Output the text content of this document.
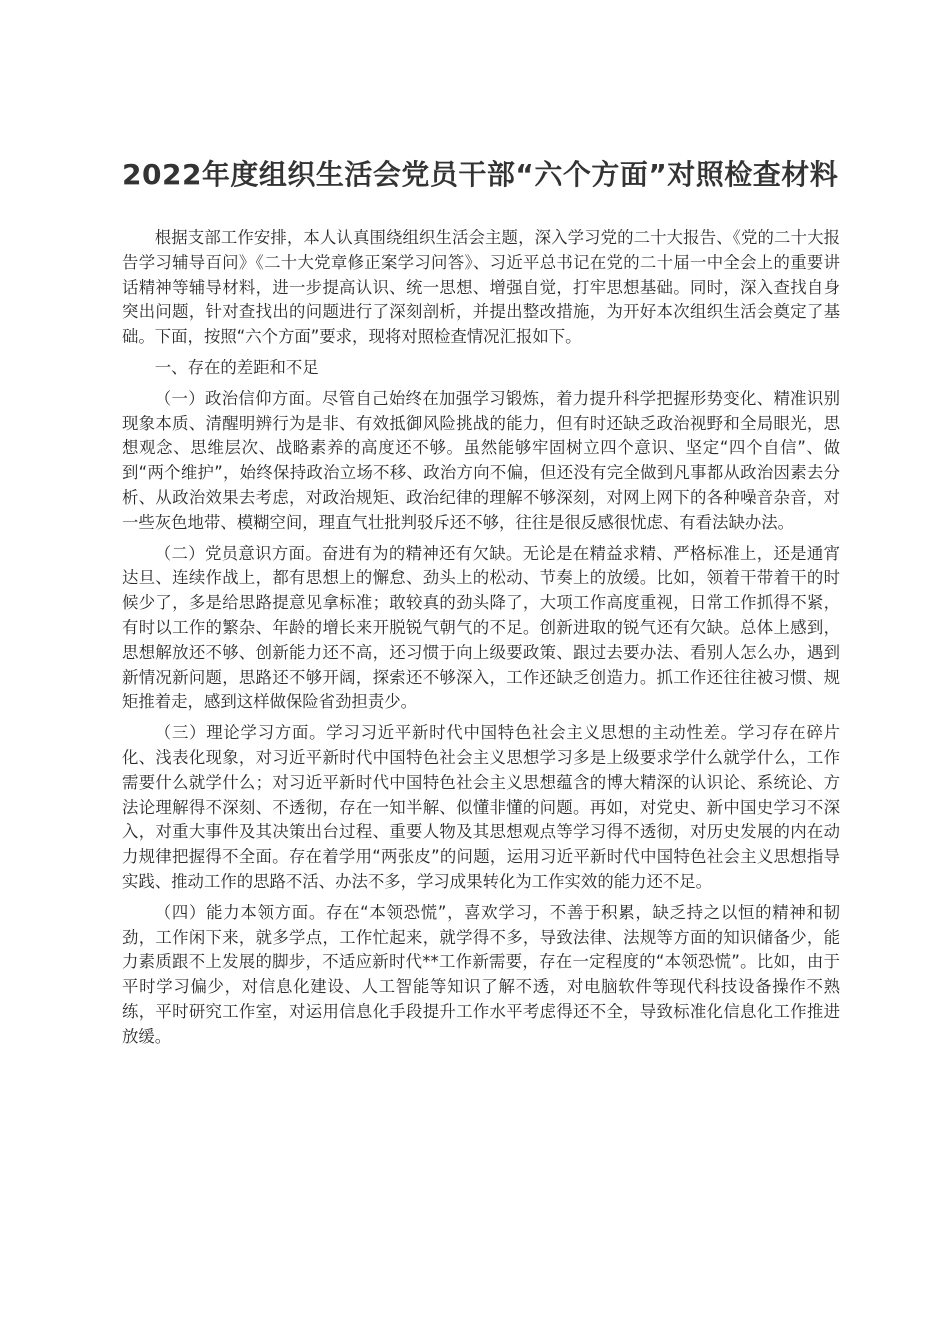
2022年度组织生活会党员干部“六个方面”对照检查材料

根据支部工作安排，本人认真围绕组织生活会主题，深入学习党的二十大报告、《党的二十大报告学习辅导百问》《二十大党章修正案学习问答》、习近平总书记在党的二十届一中全会上的重要讲话精神等辅导材料，进一步提高认识、统一思想、增强自觉，打牢思想基础。同时，深入查找自身突出问题，针对查找出的问题进行了深刻剖析，并提出整改措施，为开好本次组织生活会奠定了基础。下面，按照“六个方面”要求，现将对照检查情况汇报如下。

一、存在的差距和不足

（一）政治信仰方面。尽管自己始终在加强学习锻炼，着力提升科学把握形势变化、精准识别现象本质、清醒明辨行为是非、有效抵御风险挑战的能力，但有时还缺乏政治视野和全局眼光，思想观念、思维层次、战略素养的高度还不够。虽然能够牢固树立四个意识、坚定“四个自信”、做到“两个维护”，始终保持政治立场不移、政治方向不偏，但还没有完全做到凡事都从政治因素去分析、从政治效果去考虑，对政治规矩、政治纪律的理解不够深刻，对网上网下的各种噪音杂音，对一些灰色地带、模糊空间，理直气壮批判驳斥还不够，往往是很反感很忧虑、有看法缺办法。

（二）党员意识方面。奋进有为的精神还有欠缺。无论是在精益求精、严格标准上，还是通宵达旦、连续作战上，都有思想上的懈怠、劲头上的松动、节奏上的放缓。比如，领着干带着干的时候少了，多是给思路提意见拿标准；敢较真的劲头降了，大项工作高度重视，日常工作抓得不紧，有时以工作的繁杂、年龄的增长来开脱锐气朝气的不足。创新进取的锐气还有欠缺。总体上感到，思想解放还不够、创新能力还不高，还习惯于向上级要政策、跟过去要办法、看别人怎么办，遇到新情况新问题，思路还不够开阔，探索还不够深入，工作还缺乏创造力。抓工作还往往被习惯、规矩推着走，感到这样做保险省劲担责少。

（三）理论学习方面。学习习近平新时代中国特色社会主义思想的主动性差。学习存在碎片化、浅表化现象，对习近平新时代中国特色社会主义思想学习多是上级要求学什么就学什么，工作需要什么就学什么；对习近平新时代中国特色社会主义思想蕴含的博大精深的认识论、系统论、方法论理解得不深刻、不透彻，存在一知半解、似懂非懂的问题。再如，对党史、新中国史学习不深入，对重大事件及其决策出台过程、重要人物及其思想观点等学习得不透彻，对历史发展的内在动力规律把握得不全面。存在着学用“两张皮”的问题，运用习近平新时代中国特色社会主义思想指导实践、推动工作的思路不活、办法不多，学习成果转化为工作实效的能力还不足。

（四）能力本领方面。存在“本领恐慌”，喜欢学习，不善于积累，缺乏持之以恒的精神和韧劲，工作闲下来，就多学点，工作忙起来，就学得不多，导致法律、法规等方面的知识储备少，能力素质跟不上发展的脚步，不适应新时代**工作新需要，存在一定程度的“本领恐慌”。比如，由于平时学习偏少，对信息化建设、人工智能等知识了解不透，对电脑软件等现代科技设备操作不熟练，平时研究工作室，对运用信息化手段提升工作水平考虑得还不全，导致标准化信息化工作推进放缓。
